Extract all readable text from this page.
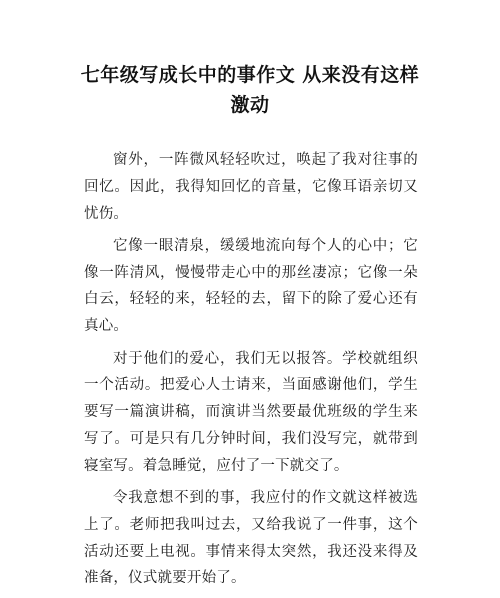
七年级写成长中的事作文 从来没有这样激动

窗外，一阵微风轻轻吹过，唤起了我对往事的回忆。因此，我得知回忆的音量，它像耳语亲切又忧伤。

它像一眼清泉，缓缓地流向每个人的心中；它像一阵清风，慢慢带走心中的那丝凄凉；它像一朵白云，轻轻的来，轻轻的去，留下的除了爱心还有真心。

对于他们的爱心，我们无以报答。学校就组织一个活动。把爱心人士请来，当面感谢他们，学生要写一篇演讲稿，而演讲当然要最优班级的学生来写了。可是只有几分钟时间，我们没写完，就带到寝室写。着急睡觉，应付了一下就交了。

令我意想不到的事，我应付的作文就这样被选上了。老师把我叫过去，又给我说了一件事，这个活动还要上电视。事情来得太突然，我还没来得及准备，仪式就要开始了。
